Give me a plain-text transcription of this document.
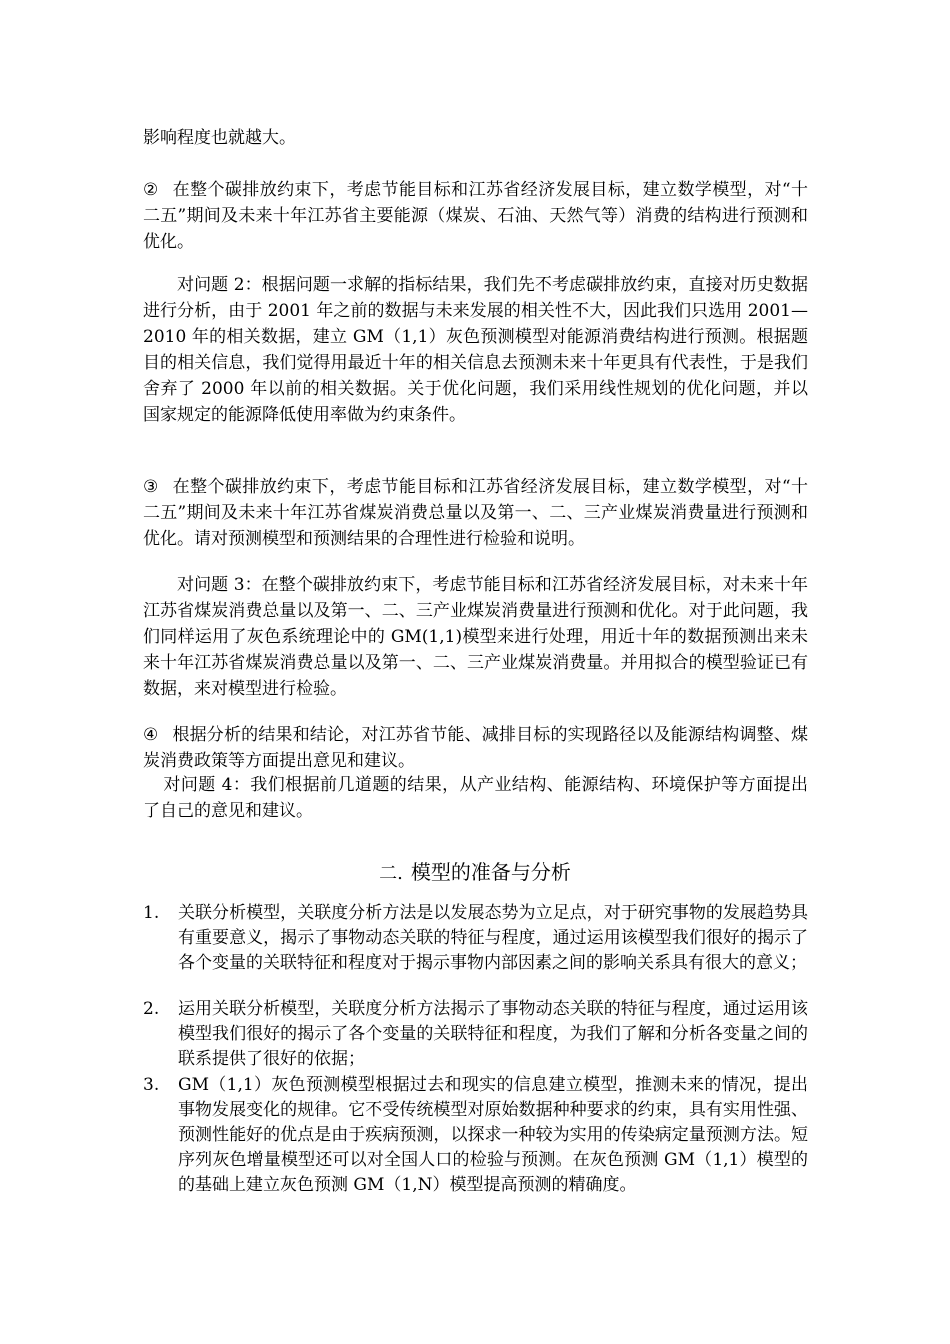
影响程度也就越大。

② 在整个碳排放约束下，考虑节能目标和江苏省经济发展目标，建立数学模型，对“十二五”期间及未来十年江苏省主要能源（煤炭、石油、天然气等）消费的结构进行预测和优化。

对问题 2：根据问题一求解的指标结果，我们先不考虑碳排放约束，直接对历史数据进行分析，由于 2001 年之前的数据与未来发展的相关性不大，因此我们只选用 2001—2010 年的相关数据，建立 GM（1,1）灰色预测模型对能源消费结构进行预测。根据题目的相关信息，我们觉得用最近十年的相关信息去预测未来十年更具有代表性，于是我们舍弃了 2000 年以前的相关数据。关于优化问题，我们采用线性规划的优化问题，并以国家规定的能源降低使用率做为约束条件。

③ 在整个碳排放约束下，考虑节能目标和江苏省经济发展目标，建立数学模型，对“十二五”期间及未来十年江苏省煤炭消费总量以及第一、二、三产业煤炭消费量进行预测和优化。请对预测模型和预测结果的合理性进行检验和说明。

对问题 3：在整个碳排放约束下，考虑节能目标和江苏省经济发展目标，对未来十年江苏省煤炭消费总量以及第一、二、三产业煤炭消费量进行预测和优化。对于此问题，我们同样运用了灰色系统理论中的 GM(1,1)模型来进行处理，用近十年的数据预测出来未来十年江苏省煤炭消费总量以及第一、二、三产业煤炭消费量。并用拟合的模型验证已有数据，来对模型进行检验。

④ 根据分析的结果和结论，对江苏省节能、减排目标的实现路径以及能源结构调整、煤炭消费政策等方面提出意见和建议。

对问题 4：我们根据前几道题的结果，从产业结构、能源结构、环境保护等方面提出了自己的意见和建议。

二. 模型的准备与分析
1.	关联分析模型，关联度分析方法是以发展态势为立足点，对于研究事物的发展趋势具有重要意义，揭示了事物动态关联的特征与程度，通过运用该模型我们很好的揭示了各个变量的关联特征和程度对于揭示事物内部因素之间的影响关系具有很大的意义；
2.	运用关联分析模型，关联度分析方法揭示了事物动态关联的特征与程度，通过运用该模型我们很好的揭示了各个变量的关联特征和程度，为我们了解和分析各变量之间的联系提供了很好的依据；
3.	GM（1,1）灰色预测模型根据过去和现实的信息建立模型，推测未来的情况，提出事物发展变化的规律。它不受传统模型对原始数据种种要求的约束，具有实用性强、预测性能好的优点是由于疾病预测，以探求一种较为实用的传染病定量预测方法。短序列灰色增量模型还可以对全国人口的检验与预测。在灰色预测 GM（1,1）模型的的基础上建立灰色预测 GM（1,N）模型提高预测的精确度。
